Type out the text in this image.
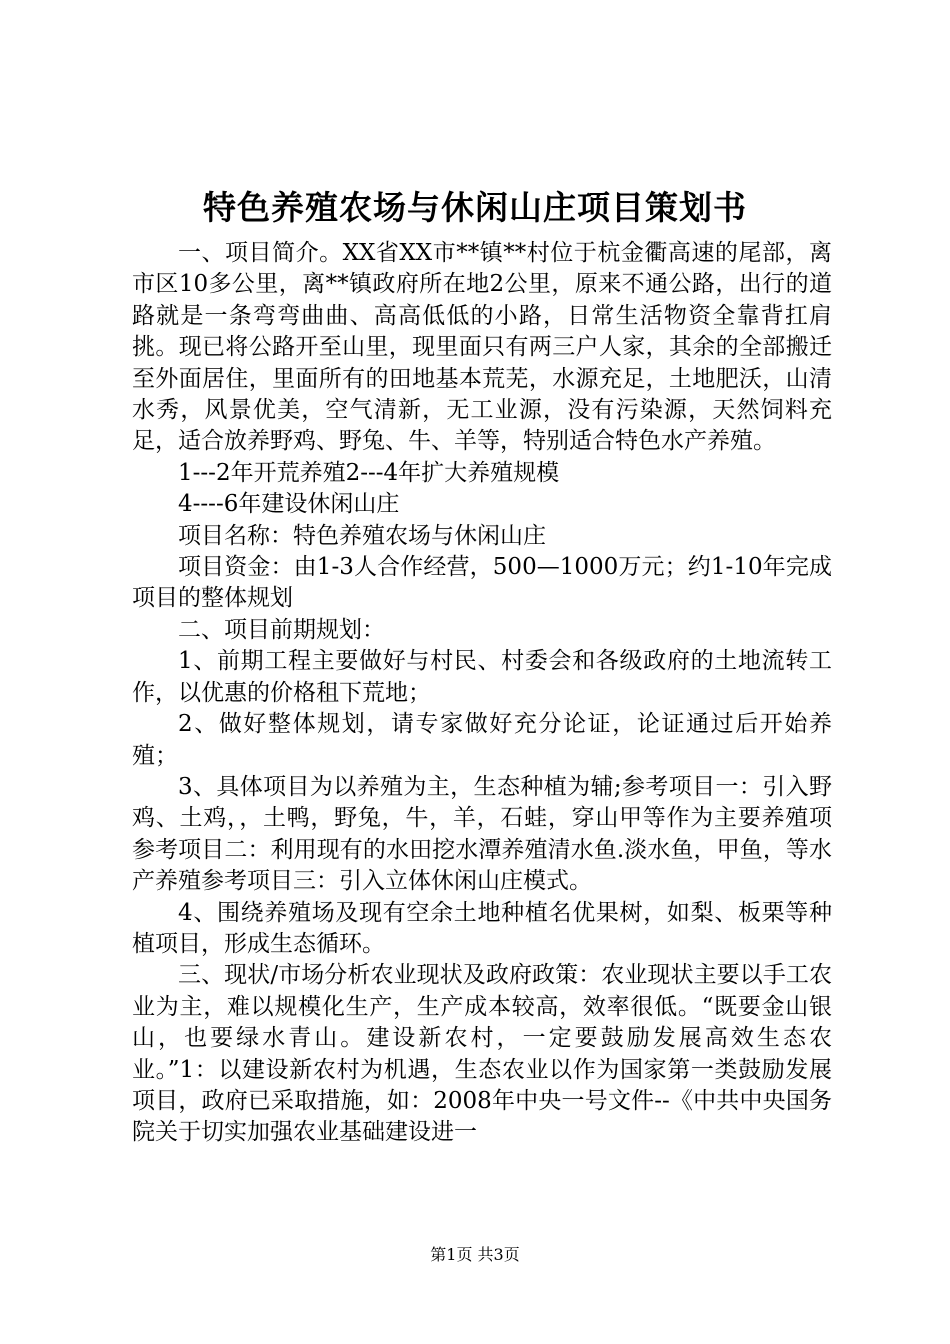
特色养殖农场与休闲山庄项目策划书

一、项目简介。XX省XX市**镇**村位于杭金衢高速的尾部，离市区10多公里，离**镇政府所在地2公里，原来不通公路，出行的道路就是一条弯弯曲曲、高高低低的小路，日常生活物资全靠背扛肩挑。现已将公路开至山里，现里面只有两三户人家，其余的全部搬迁至外面居住，里面所有的田地基本荒芜，水源充足，土地肥沃，山清水秀，风景优美，空气清新，无工业源，没有污染源，天然饲料充足，适合放养野鸡、野兔、牛、羊等，特别适合特色水产养殖。

1---2年开荒养殖2---4年扩大养殖规模

4----6年建设休闲山庄

项目名称：特色养殖农场与休闲山庄

项目资金：由1-3人合作经营，500—1000万元；约1-10年完成项目的整体规划

二、项目前期规划：

1、前期工程主要做好与村民、村委会和各级政府的土地流转工作，以优惠的价格租下荒地；

2、做好整体规划，请专家做好充分论证，论证通过后开始养殖；

3、具体项目为以养殖为主，生态种植为辅;参考项目一：引入野鸡、土鸡，，土鸭，野兔，牛，羊，石蛙，穿山甲等作为主要养殖项参考项目二：利用现有的水田挖水潭养殖清水鱼.淡水鱼，甲鱼，等水产养殖参考项目三：引入立体休闲山庄模式。

4、围绕养殖场及现有空余土地种植名优果树，如梨、板栗等种植项目，形成生态循环。

三、现状/市场分析农业现状及政府政策：农业现状主要以手工农业为主，难以规模化生产，生产成本较高，效率很低。“既要金山银山，也要绿水青山。建设新农村，一定要鼓励发展高效生态农业。”1：以建设新农村为机遇，生态农业以作为国家第一类鼓励发展项目，政府已采取措施，如：2008年中央一号文件--《中共中央国务院关于切实加强农业基础建设进一

第1页 共3页
